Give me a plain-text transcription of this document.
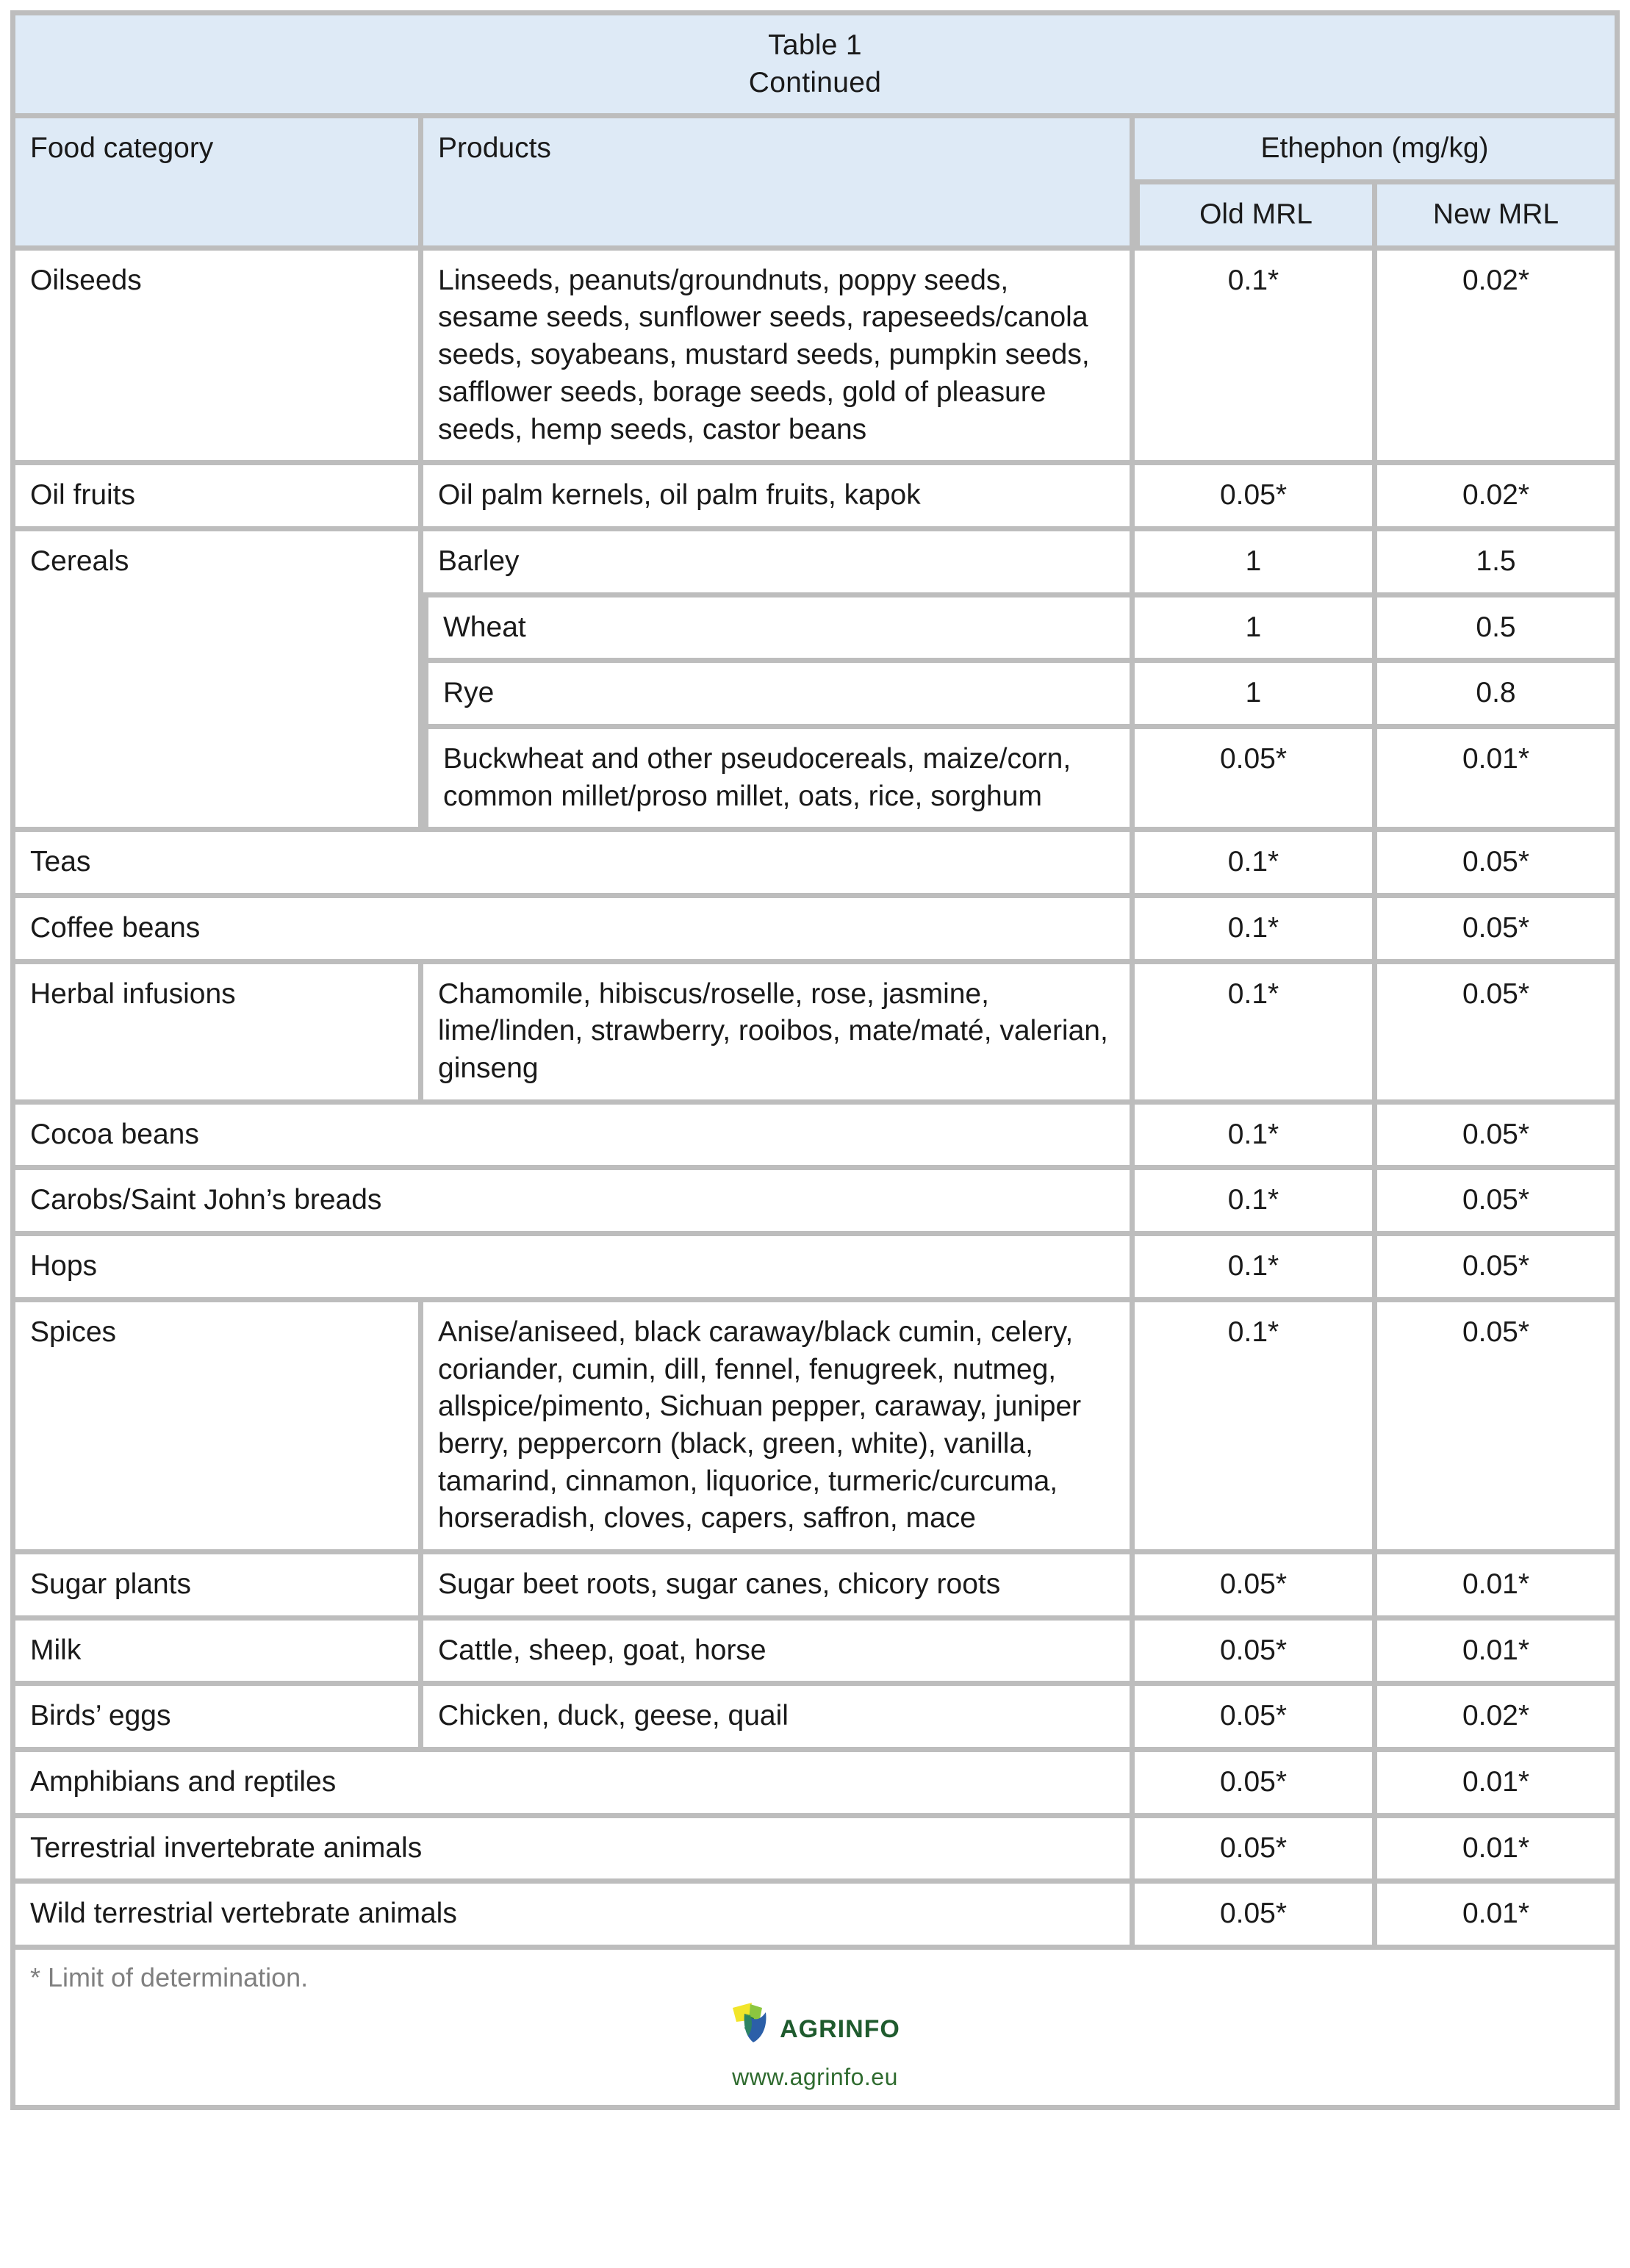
Table 1
Continued			

Food category	Products	Ethephon (mg/kg)	
		Old MRL	New MRL
Oilseeds	Linseeds, peanuts/groundnuts, poppy seeds, sesame seeds, sunflower seeds, rapeseeds/canola seeds, soyabeans, mustard seeds, pumpkin seeds, safflower seeds, borage seeds, gold of pleasure seeds, hemp seeds, castor beans	0.1*	0.02*
Oil fruits	Oil palm kernels, oil palm fruits, kapok	0.05*	0.02*
Cereals	Barley	1	1.5
	Wheat	1	0.5
	Rye	1	0.8
	Buckwheat and other pseudocereals, maize/corn, common millet/proso millet, oats, rice, sorghum	0.05*	0.01*
Teas		0.1*	0.05*
Coffee beans		0.1*	0.05*
Herbal infusions	Chamomile, hibiscus/roselle, rose, jasmine, lime/linden, strawberry, rooibos, mate/maté, valerian, ginseng	0.1*	0.05*
Cocoa beans		0.1*	0.05*
Carobs/Saint John’s breads		0.1*	0.05*
Hops		0.1*	0.05*
Spices	Anise/aniseed, black caraway/black cumin, celery, coriander, cumin, dill, fennel, fenugreek, nutmeg, allspice/pimento, Sichuan pepper, caraway, juniper berry, peppercorn (black, green, white), vanilla, tamarind, cinnamon, liquorice, turmeric/curcuma, horseradish, cloves, capers, saffron, mace	0.1*	0.05*
Sugar plants	Sugar beet roots, sugar canes, chicory roots	0.05*	0.01*
Milk	Cattle, sheep, goat, horse	0.05*	0.01*
Birds’ eggs	Chicken, duck, geese, quail	0.05*	0.02*
Amphibians and reptiles		0.05*	0.01*
Terrestrial invertebrate animals		0.05*	0.01*
Wild terrestrial vertebrate animals		0.05*	0.01*

* Limit of determination.

AGRINFO
www.agrinfo.eu			
